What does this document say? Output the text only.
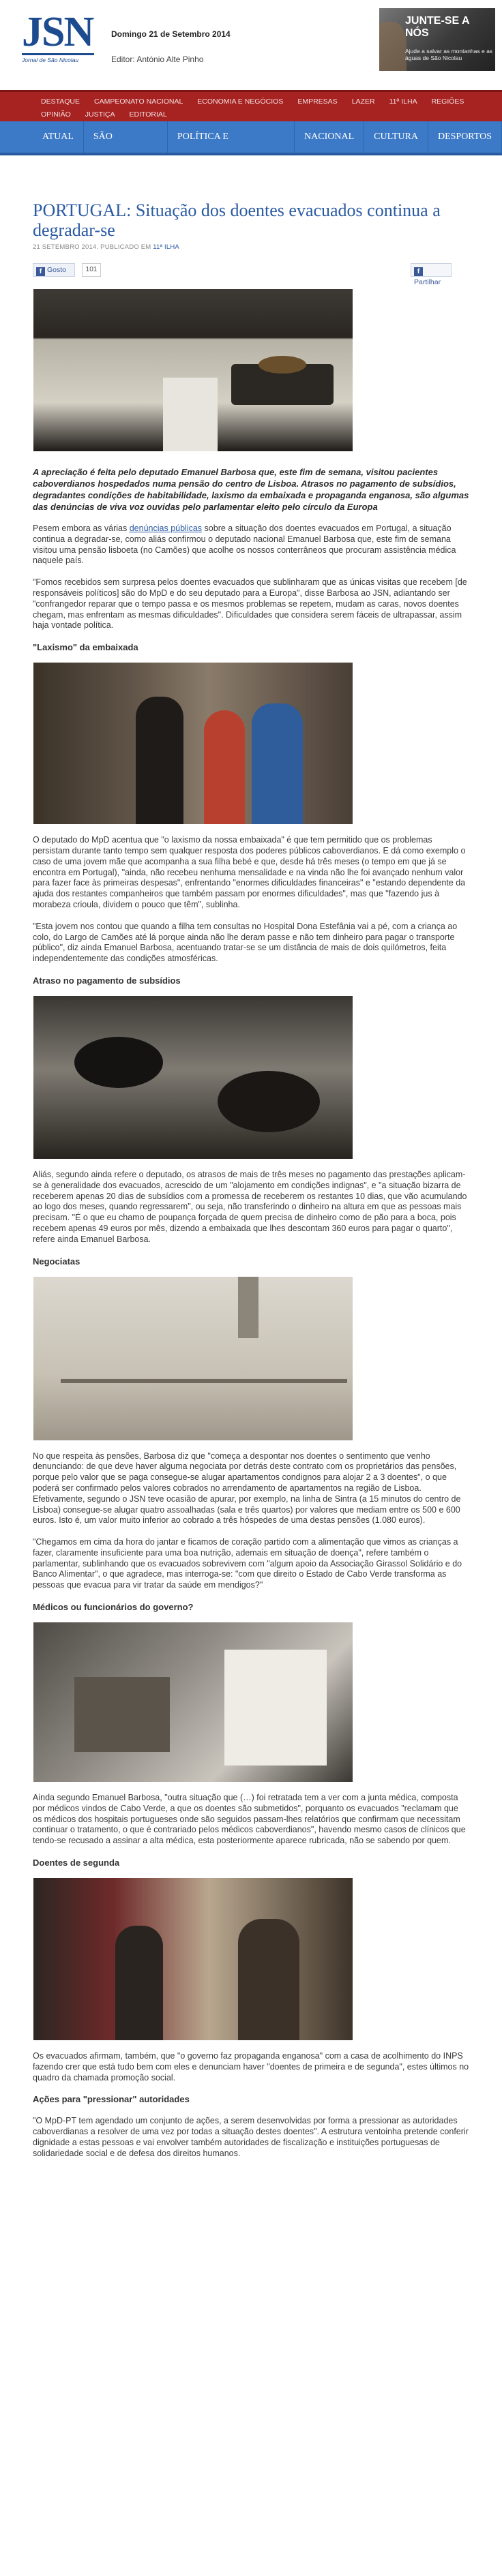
JSN
Jornal de São Nicolau
Domingo 21 de Setembro 2014
Editor: António Alte Pinho
JUNTE-SE A NÓS
Ajude a salvar as montanhas e as águas de São Nicolau
DESTAQUE	CAMPEONATO NACIONAL	ECONOMIA E NEGÓCIOS	EMPRESAS	LAZER	11ª ILHA	REGIÕES
OPINIÃO	JUSTIÇA	EDITORIAL
ATUAL	SÃO NICOLAU
POLÍTICA E CIDADANIA
NACIONAL	CULTURA	DESPORTOS
PORTUGAL: Situação dos doentes evacuados continua a degradar-se
21 SETEMBRO 2014. PUBLICADO EM 11ª ILHA
f Gosto	101	fPartilhar

A apreciação é feita pelo deputado Emanuel Barbosa que, este fim de semana, visitou pacientes caboverdianos hospedados numa pensão do centro de Lisboa. Atrasos no pagamento de subsídios, degradantes condições de habitabilidade, laxismo da embaixada e propaganda enganosa, são algumas das denúncias de viva voz ouvidas pelo parlamentar eleito pelo círculo da Europa

Pesem embora as várias denúncias públicas sobre a situação dos doentes evacuados em Portugal, a situação continua a degradar-se, como aliás confirmou o deputado nacional Emanuel Barbosa que, este fim de semana visitou uma pensão lisboeta (no Camões) que acolhe os nossos conterrâneos que procuram assistência médica naquele país.

"Fomos recebidos sem surpresa pelos doentes evacuados que sublinharam que as únicas visitas que recebem [de responsáveis políticos] são do MpD e do seu deputado para a Europa", disse Barbosa ao JSN, adiantando ser "confrangedor reparar que o tempo passa e os mesmos problemas se repetem, mudam as caras, novos doentes chegam, mas enfrentam as mesmas dificuldades". Dificuldades que considera serem fáceis de ultrapassar, assim haja vontade política.

"Laxismo" da embaixada

O deputado do MpD acentua que "o laxismo da nossa embaixada" é que tem permitido que os problemas persistam durante tanto tempo sem qualquer resposta dos poderes públicos caboverdianos. E dá como exemplo o caso de uma jovem mãe que acompanha a sua filha bebé e que, desde há três meses (o tempo em que já se encontra em Portugal), "ainda, não recebeu nenhuma mensalidade e na vinda não lhe foi avançado nenhum valor para fazer face às primeiras despesas", enfrentando "enormes dificuldades financeiras" e "estando dependente da ajuda dos restantes companheiros que também passam por enormes dificuldades", mas que "fazendo jus à morabeza crioula, dividem o pouco que têm", sublinha.

"Esta jovem nos contou que quando a filha tem consultas no Hospital Dona Estefânia vai a pé, com a criança ao colo, do Largo de Camões até lá porque ainda não lhe deram passe e não tem dinheiro para pagar o transporte público", diz ainda Emanuel Barbosa, acentuando tratar-se se um distância de mais de dois quilómetros, feita independentemente das condições atmosféricas.

Atraso no pagamento de subsídios

Aliás, segundo ainda refere o deputado, os atrasos de mais de três meses no pagamento das prestações aplicam-se à generalidade dos evacuados, acrescido de um "alojamento em condições indignas", e "a situação bizarra de receberem apenas 20 dias de subsídios com a promessa de receberem os restantes 10 dias, que vão acumulando ao logo dos meses, quando regressarem", ou seja, não transferindo o dinheiro na altura em que as pessoas mais precisam. "É o que eu chamo de poupança forçada de quem precisa de dinheiro como de pão para a boca, pois recebem apenas 49 euros por mês, dizendo a embaixada que lhes descontam 360 euros para pagar o quarto", refere ainda Emanuel Barbosa.

Negociatas

No que respeita às pensões, Barbosa diz que "começa a despontar nos doentes o sentimento que venho denunciando: de que deve haver alguma negociata por detrás deste contrato com os proprietários das pensões, porque pelo valor que se paga consegue-se alugar apartamentos condignos para alojar 2 a 3 doentes", o que poderá ser confirmado pelos valores cobrados no arrendamento de apartamentos na região de Lisboa. Efetivamente, segundo o JSN teve ocasião de apurar, por exemplo, na linha de Sintra (a 15 minutos do centro de Lisboa) consegue-se alugar quatro assoalhadas (sala e três quartos) por valores que mediam entre os 500 e 600 euros. Isto é, um valor muito inferior ao cobrado a três hóspedes de uma destas pensões (1.080 euros).

"Chegamos em cima da hora do jantar e ficamos de coração partido com a alimentação que vimos as crianças a fazer, claramente insuficiente para uma boa nutrição, ademais em situação de doença", refere também o parlamentar, sublinhando que os evacuados sobrevivem com "algum apoio da Associação Girassol Solidário e do Banco Alimentar", o que agradece, mas interroga-se: "com que direito o Estado de Cabo Verde transforma as pessoas que evacua para vir tratar da saúde em mendigos?"

Médicos ou funcionários do governo?

Ainda segundo Emanuel Barbosa, "outra situação que (…) foi retratada tem a ver com a junta médica, composta por médicos vindos de Cabo Verde, a que os doentes são submetidos", porquanto os evacuados "reclamam que os médicos dos hospitais portugueses onde são seguidos passam-lhes relatórios que confirmam que necessitam continuar o tratamento, o que é contrariado pelos médicos caboverdianos", havendo mesmo casos de clínicos que tendo-se recusado a assinar a alta médica, esta posteriormente aparece rubricada, não se sabendo por quem.

Doentes de segunda

Os evacuados afirmam, também, que "o governo faz propaganda enganosa" com a casa de acolhimento do INPS fazendo crer que está tudo bem com eles e denunciam haver "doentes de primeira e de segunda", estes últimos no quadro da chamada promoção social.

Ações para "pressionar" autoridades

"O MpD-PT tem agendado um conjunto de ações, a serem desenvolvidas por forma a pressionar as autoridades caboverdianas a resolver de uma vez por todas a situação destes doentes". A estrutura ventoinha pretende conferir dignidade a estas pessoas e vai envolver também autoridades de fiscalização e instituições portuguesas de solidariedade social e de defesa dos direitos humanos.
